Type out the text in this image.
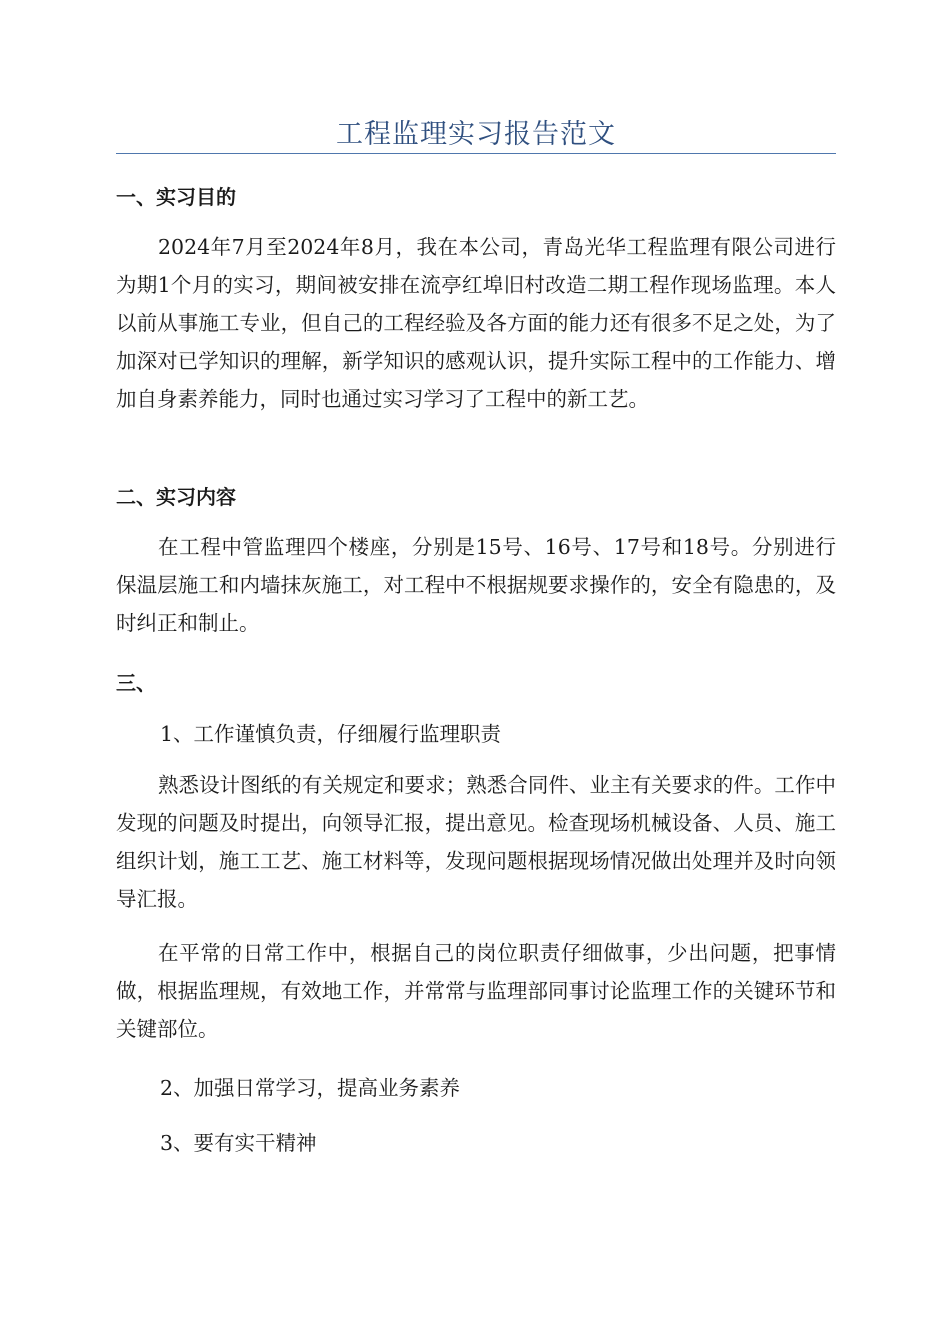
工程监理实习报告范文
一、实习目的

2024年7月至2024年8月，我在本公司，青岛光华工程监理有限公司进行为期1个月的实习，期间被安排在流亭红埠旧村改造二期工程作现场监理。本人以前从事施工专业，但自己的工程经验及各方面的能力还有很多不足之处，为了加深对已学知识的理解，新学知识的感观认识，提升实际工程中的工作能力、增加自身素养能力，同时也通过实习学习了工程中的新工艺。

二、实习内容

在工程中管监理四个楼座，分别是15号、16号、17号和18号。分别进行保温层施工和内墙抹灰施工，对工程中不根据规要求操作的，安全有隐患的，及时纠正和制止。

三、

1、工作谨慎负责，仔细履行监理职责

熟悉设计图纸的有关规定和要求；熟悉合同件、业主有关要求的件。工作中发现的问题及时提出，向领导汇报，提出意见。检查现场机械设备、人员、施工组织计划，施工工艺、施工材料等，发现问题根据现场情况做出处理并及时向领导汇报。

在平常的日常工作中，根据自己的岗位职责仔细做事，少出问题，把事情做，根据监理规，有效地工作，并常常与监理部同事讨论监理工作的关键环节和关键部位。

2、加强日常学习，提高业务素养

3、要有实干精神
